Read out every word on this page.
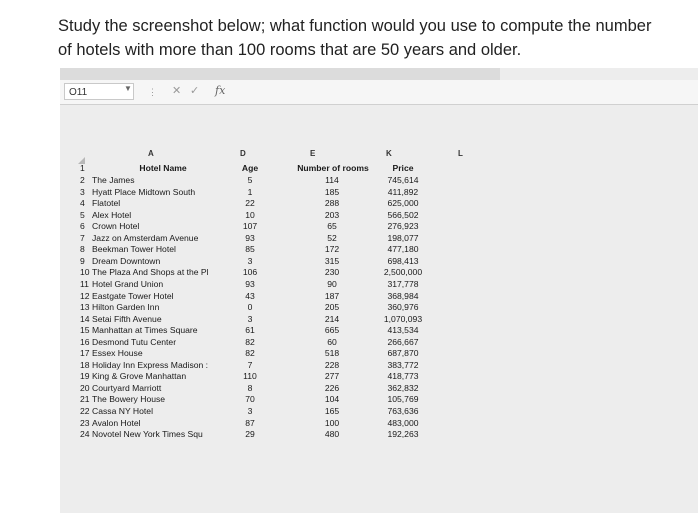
Study the screenshot below; what function would you use to compute the number of hotels with more than 100 rooms that are 50 years and older.
O11	▼ ⋮ ✕ ✓ fx
A	D	E	K	L
1	Hotel Name	Age	Number of rooms	Price
2 The James	5	114	745,614
3 Hyatt Place Midtown South	1	185	411,892
4 Flatotel	22	288	625,000
5 Alex Hotel	10	203	566,502
6 Crown Hotel	107	65	276,923
7 Jazz on Amsterdam Avenue	93	52	198,077
8 Beekman Tower Hotel	85	172	477,180
9 Dream Downtown	3	315	698,413
10 The Plaza And Shops at the Pl	106	230	2,500,000
11 Hotel Grand Union	93	90	317,778
12 Eastgate Tower Hotel	43	187	368,984
13 Hilton Garden Inn	0	205	360,976
14 Setai Fifth Avenue	3	214	1,070,093
15 Manhattan at Times Square	61	665	413,534
16 Desmond Tutu Center	82	60	266,667
17 Essex House	82	518	687,870
18 Holiday Inn Express Madison :	7	228	383,772
19 King & Grove Manhattan	110	277	418,773
20 Courtyard Marriott	8	226	362,832
21 The Bowery House	70	104	105,769
22 Cassa NY Hotel	3	165	763,636
23 Avalon Hotel	87	100	483,000
24 Novotel New York Times Squ	29	480	192,263
